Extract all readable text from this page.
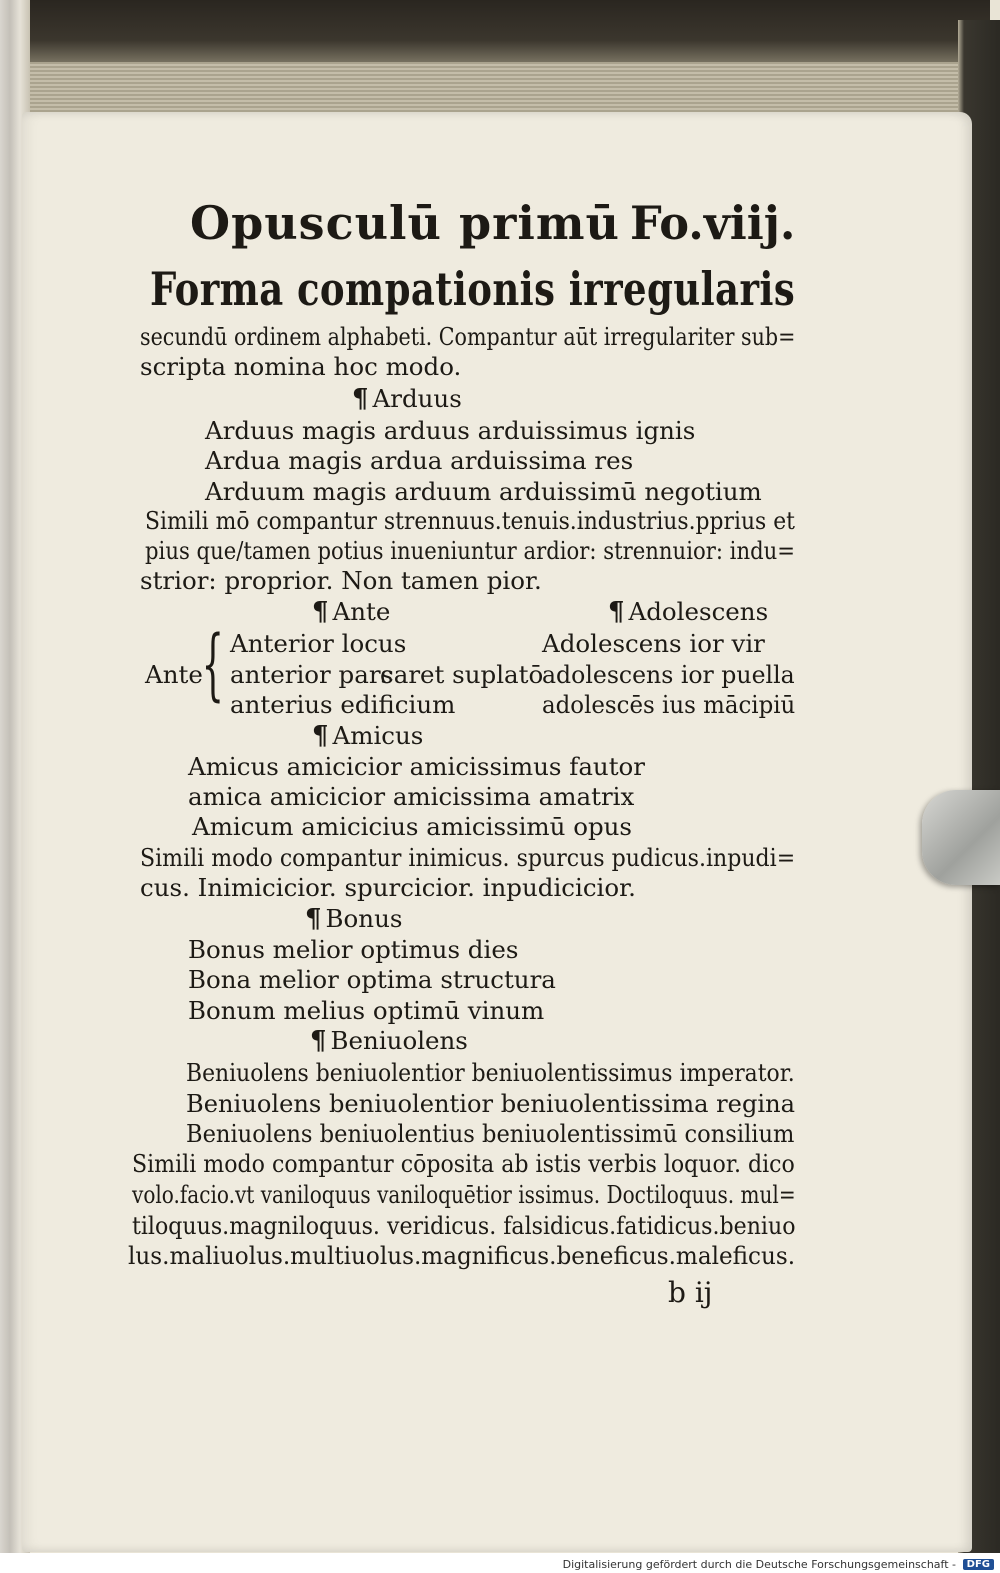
Opusculū primū Fo.viij.
Forma compationis irregularis
secundū ordinem alphabeti. Compantur aūt irregulariter sub=
scripta nomina hoc modo.
¶ Arduus
Arduus magis arduus arduissimus ignis
Ardua magis ardua arduissima res
Arduum magis arduum arduissimū negotium
Simili mō compantur strennuus.tenuis.industrius.pprius et
pius que/tamen potius inueniuntur ardior: strennuior: indu=
strior: proprior. Non tamen pior.
¶ Ante	¶ Adolescens
Ante
{ Anterior locus
anterior pars
caret suplatō
anterius edificium
Adolescens ior vir
adolescens ior puella
adolescēs ius mācipiū
¶ Amicus
Amicus amicicior amicissimus fautor
amica amicicior amicissima amatrix
Amicum amicicius amicissimū opus
Simili modo compantur inimicus. spurcus pudicus.inpudi=
cus. Inimicicior. spurcicior. inpudicicior.
¶ Bonus
Bonus melior optimus dies
Bona melior optima structura
Bonum melius optimū vinum
¶ Beniuolens
Beniuolens beniuolentior beniuolentissimus imperator.
Beniuolens beniuolentior beniuolentissima regina
Beniuolens beniuolentius beniuolentissimū consilium
Simili modo compantur cōposita ab istis verbis loquor. dico
volo.facio.vt vaniloquus vaniloquētior issimus. Doctiloquus. mul=
tiloquus.magniloquus. veridicus. falsidicus.fatidicus.beniuo
lus.maliuolus.multiuolus.magnificus.beneficus.maleficus.
b ij
Digitalisierung gefördert durch die Deutsche Forschungsgemeinschaft -	DFG
